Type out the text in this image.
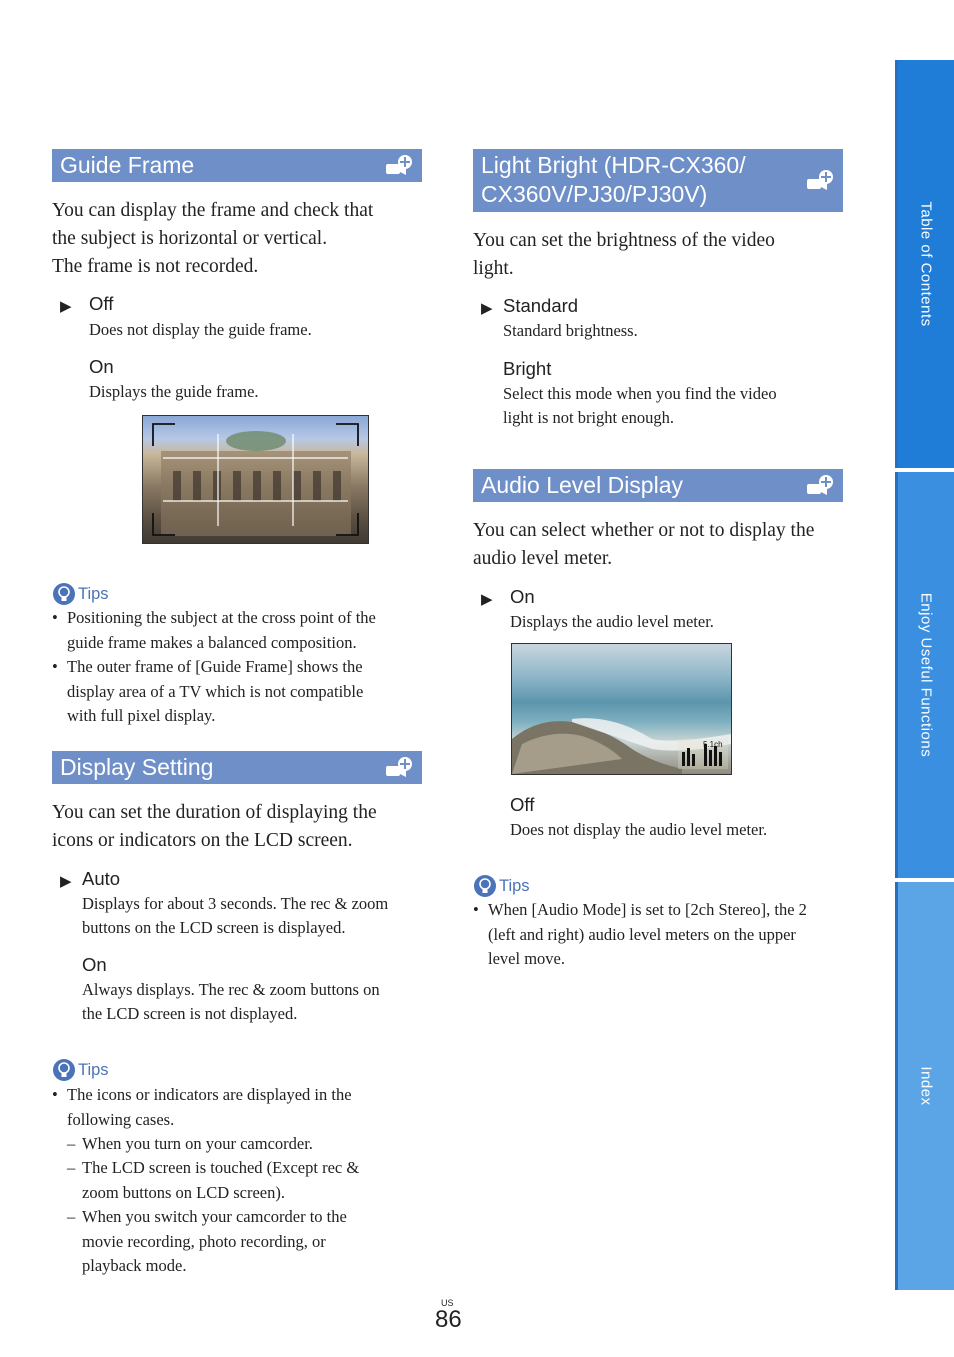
Guide Frame
You can display the frame and check that
the subject is horizontal or vertical.
The frame is not recorded.
▶ Off
Does not display the guide frame.
On
Displays the guide frame.
Tips
• Positioning the subject at the cross point of the
guide frame makes a balanced composition.
• The outer frame of [Guide Frame] shows the
display area of a TV which is not compatible
with full pixel display.
Display Setting
You can set the duration of displaying the
icons or indicators on the LCD screen.
▶ Auto
Displays for about 3 seconds. The rec & zoom
buttons on the LCD screen is displayed.
On
Always displays. The rec & zoom buttons on
the LCD screen is not displayed.
Tips
• The icons or indicators are displayed in the
following cases.
– When you turn on your camcorder.
– The LCD screen is touched (Except rec &
zoom buttons on LCD screen).
– When you switch your camcorder to the
movie recording, photo recording, or
playback mode.
Light Bright (HDR-CX360/
CX360V/PJ30/PJ30V)
You can set the brightness of the video
light.
▶ Standard
Standard brightness.
Bright
Select this mode when you find the video
light is not bright enough.
Audio Level Display
You can select whether or not to display the
audio level meter.
▶ On
Displays the audio level meter.
5.1ch
Off
Does not display the audio level meter.
Tips
• When [Audio Mode] is set to [2ch Stereo], the 2
(left and right) audio level meters on the upper
level move.
Table of Contents
Enjoy Useful Functions
Index
US
86
